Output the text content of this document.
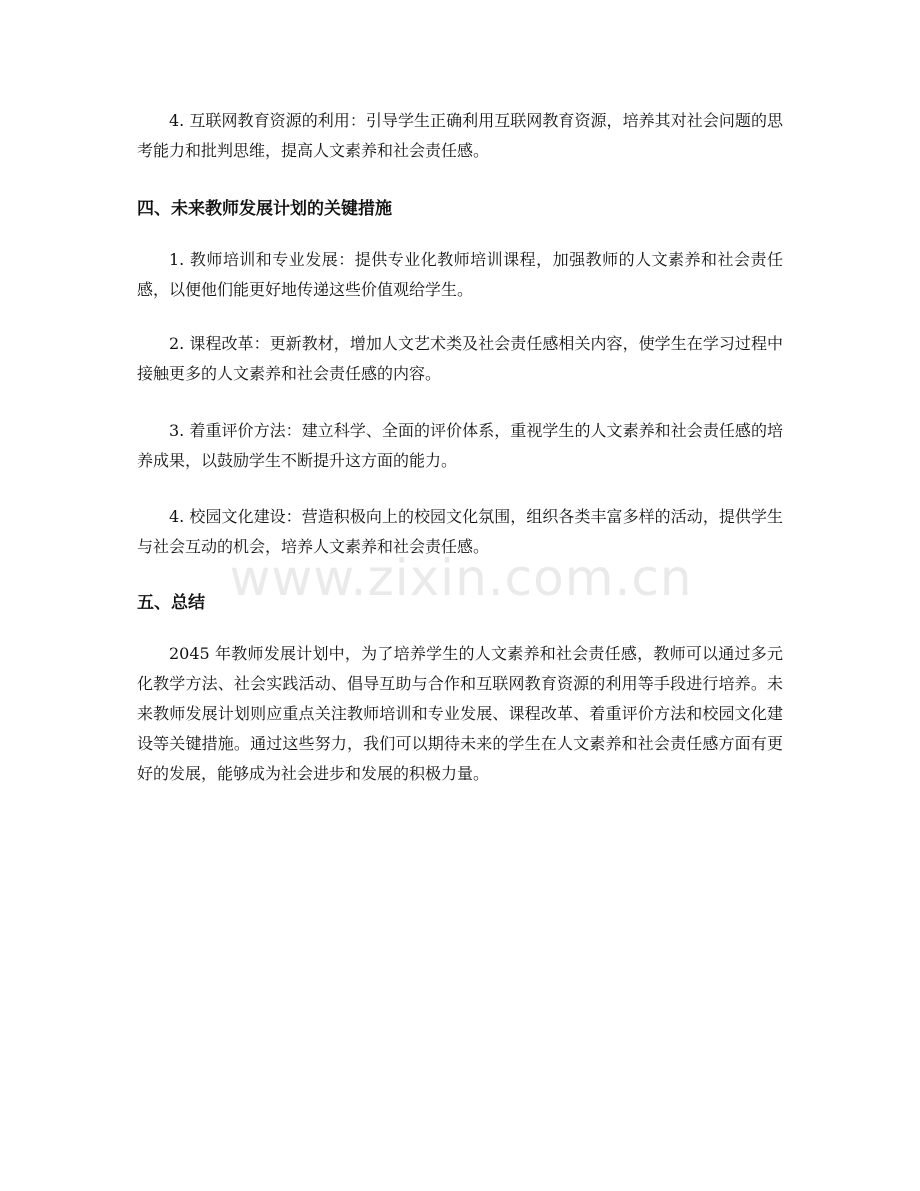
4. 互联网教育资源的利用：引导学生正确利用互联网教育资源，培养其对社会问题的思考能力和批判思维，提高人文素养和社会责任感。

四、未来教师发展计划的关键措施

1. 教师培训和专业发展：提供专业化教师培训课程，加强教师的人文素养和社会责任感，以便他们能更好地传递这些价值观给学生。

2. 课程改革：更新教材，增加人文艺术类及社会责任感相关内容，使学生在学习过程中接触更多的人文素养和社会责任感的内容。

3. 着重评价方法：建立科学、全面的评价体系，重视学生的人文素养和社会责任感的培养成果，以鼓励学生不断提升这方面的能力。

4. 校园文化建设：营造积极向上的校园文化氛围，组织各类丰富多样的活动，提供学生与社会互动的机会，培养人文素养和社会责任感。

五、总结

2045 年教师发展计划中，为了培养学生的人文素养和社会责任感，教师可以通过多元化教学方法、社会实践活动、倡导互助与合作和互联网教育资源的利用等手段进行培养。未来教师发展计划则应重点关注教师培训和专业发展、课程改革、着重评价方法和校园文化建设等关键措施。通过这些努力，我们可以期待未来的学生在人文素养和社会责任感方面有更好的发展，能够成为社会进步和发展的积极力量。

www.zixin.com.cn
